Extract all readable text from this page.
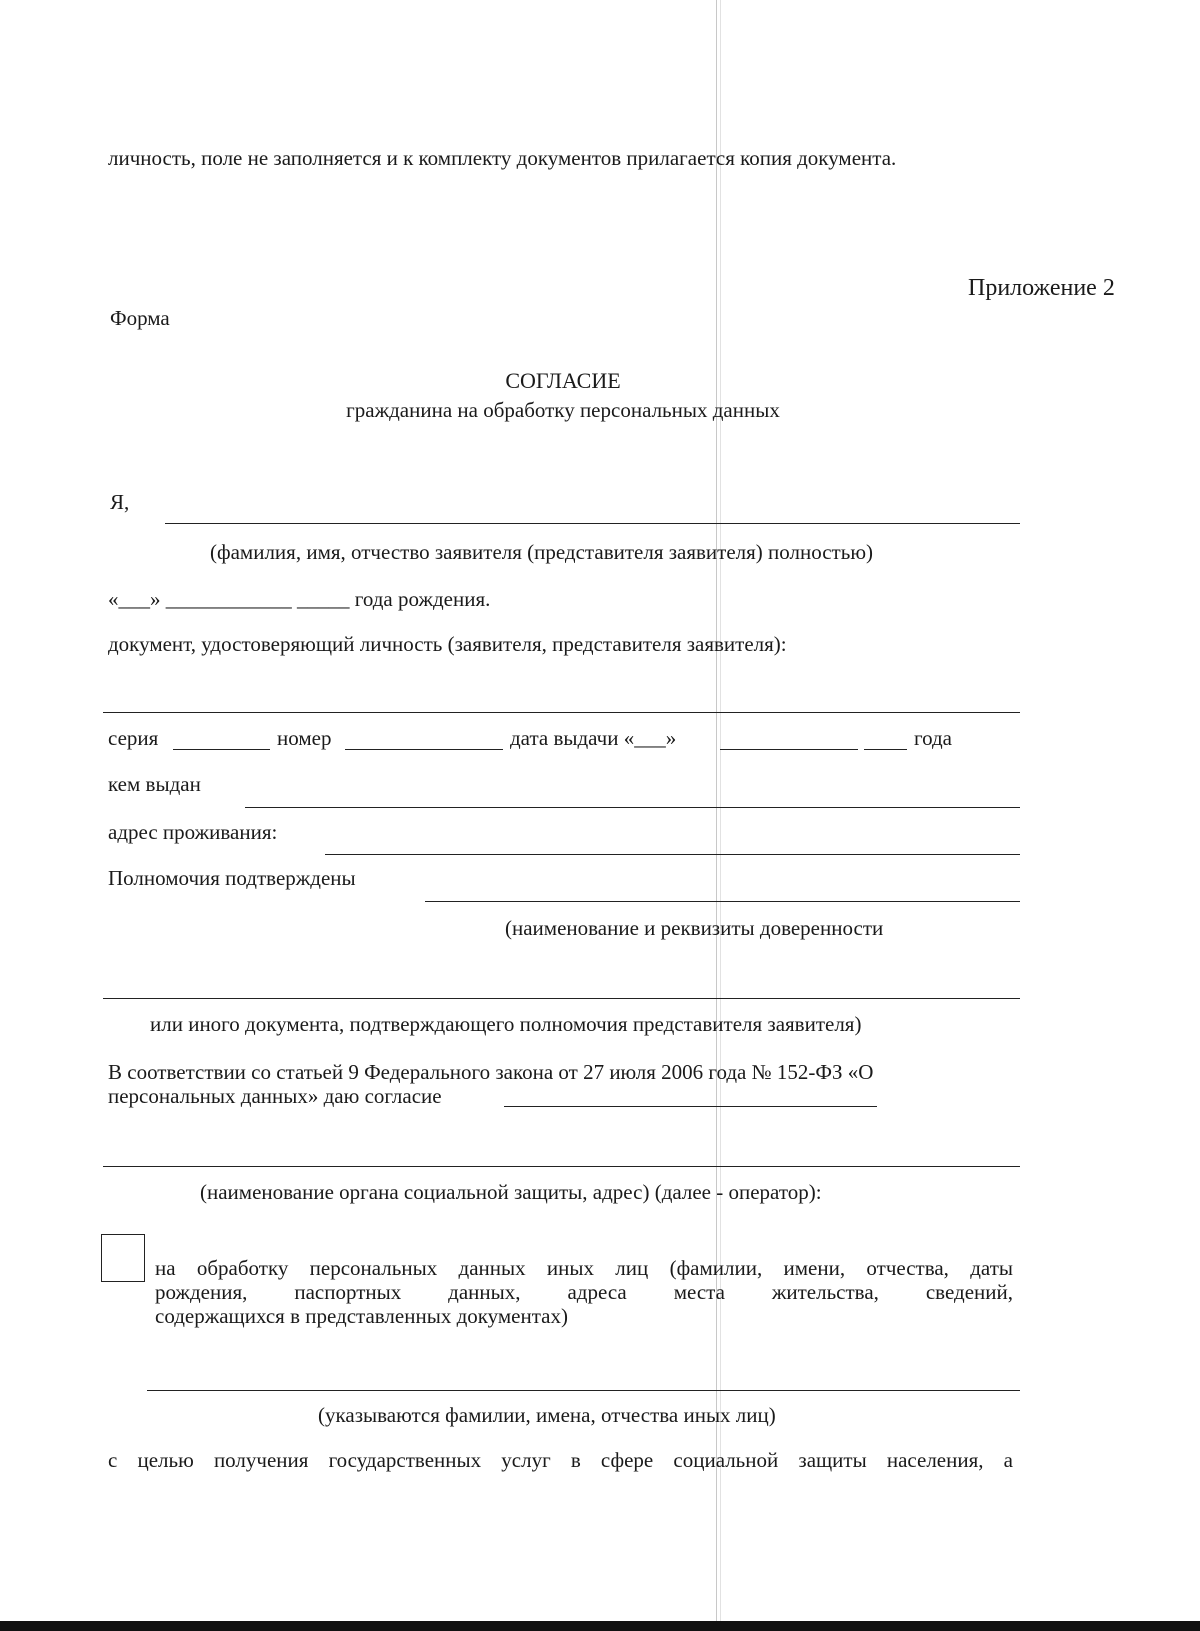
личность, поле не заполняется и к комплекту документов прилагается копия документа.
Приложение 2
Форма
СОГЛАСИЕ
гражданина на обработку персональных данных
Я,
(фамилия, имя, отчество заявителя (представителя заявителя) полностью)
«___» ____________ _____ года рождения.
документ, удостоверяющий личность (заявителя, представителя заявителя):
серия	номер	дата выдачи «___»	года
кем выдан
адрес проживания:
Полномочия подтверждены
(наименование и реквизиты доверенности
или иного документа, подтверждающего полномочия представителя заявителя)
В соответствии со статьей 9 Федерального закона от 27 июля 2006 года № 152-ФЗ «О
персональных данных» даю согласие
(наименование органа социальной защиты, адрес) (далее - оператор):
на обработку персональных данных иных лиц (фамилии, имени, отчества, даты
рождения, паспортных данных, адреса места жительства, сведений,
содержащихся в представленных документах)
(указываются фамилии, имена, отчества иных лиц)
с целью получения государственных услуг в сфере социальной защиты населения, а
